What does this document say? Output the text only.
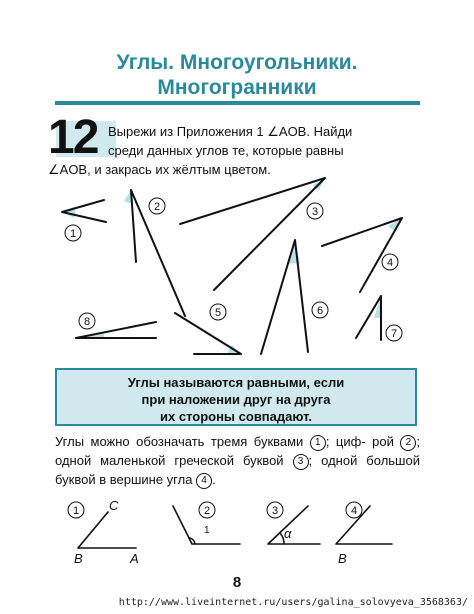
Углы. Многоугольники.
Многогранники
12 Вырежи из Приложения 1 ∠AOB. Найди
среди данных углов те, которые равны
∠AOB, и закрась их жёлтым цветом.
1
2	3
4
5	6
7
8
1	2	3	4
C
B	A
1	α
B
Углы называются равными, если
при наложении друг на друга
их стороны совпадают.
Углы можно обозначать тремя буквами 1 ; циф- рой 2 ; одной маленькой греческой буквой 3 ; одной большой буквой в вершине угла 4 .
8
http://www.liveinternet.ru/users/galina_solovyeva_3568363/
